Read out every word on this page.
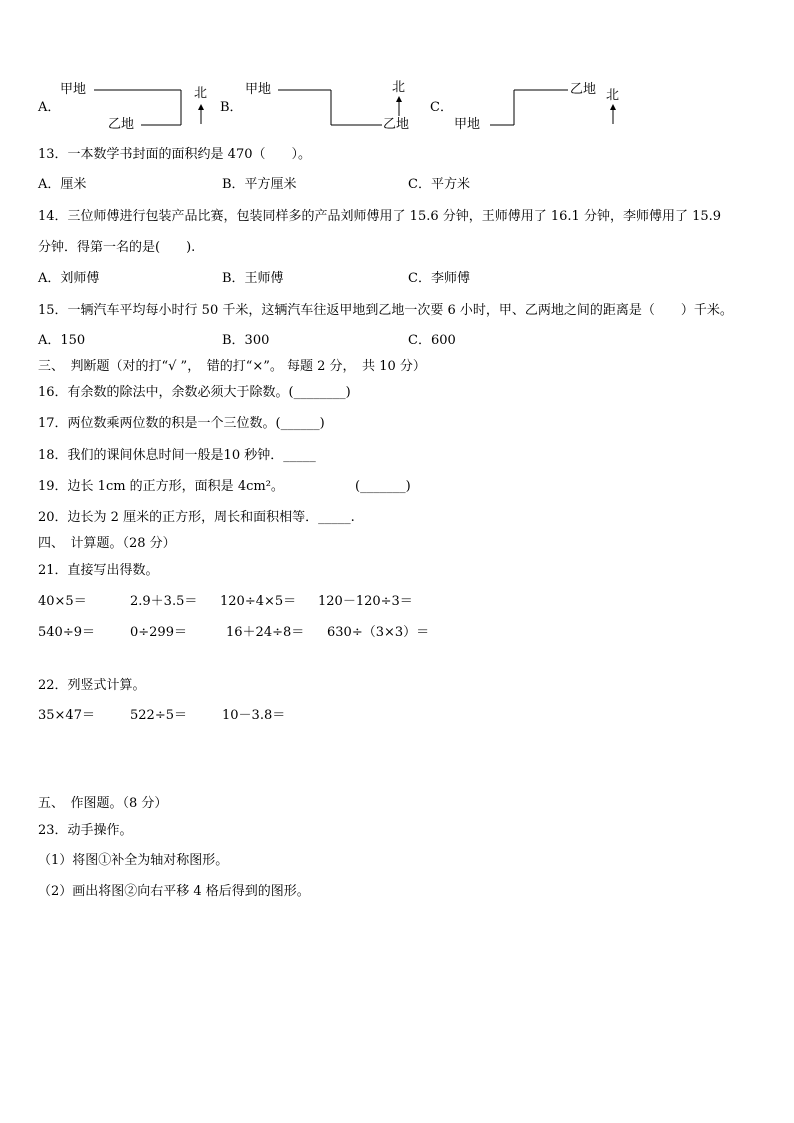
A．
甲地
乙地
北
B．
甲地
乙地
北
C．
甲地
乙地 北
13．一本数学书封面的面积约是 470（　　）。
A．厘米	B．平方厘米	C．平方米
14．三位师傅进行包装产品比赛，包装同样多的产品刘师傅用了 15.6 分钟，王师傅用了 16.1 分钟，李师傅用了 15.9
分钟．得第一名的是(　　).
A．刘师傅	B．王师傅	C．李师傅
15．一辆汽车平均每小时行 50 千米，这辆汽车往返甲地到乙地一次要 6 小时，甲、乙两地之间的距离是（　　）千米。
A．150	B．300	C．600
三、　判断题（对的打“√ ”，　错的打“×”。 每题 2 分，　共 10 分）
16．有余数的除法中，余数必须大于除数。(________)
17．两位数乘两位数的积是一个三位数。(______)
18．我们的课间休息时间一般是10 秒钟．_____
19．边长 1cm 的正方形，面积是 4cm²。	(_______)
20．边长为 2 厘米的正方形，周长和面积相等．_____.
四、　计算题。（28 分）
21．直接写出得数。
40×5＝	2.9＋3.5＝ 120÷4×5＝ 120－120÷3＝
540÷9＝	0÷299＝	16＋24÷8＝ 630÷（3×3）＝
22．列竖式计算。
35×47＝	522÷5＝	10－3.8＝
五、　作图题。（8 分）
23．动手操作。
（1）将图①补全为轴对称图形。
（2）画出将图②向右平移 4 格后得到的图形。
